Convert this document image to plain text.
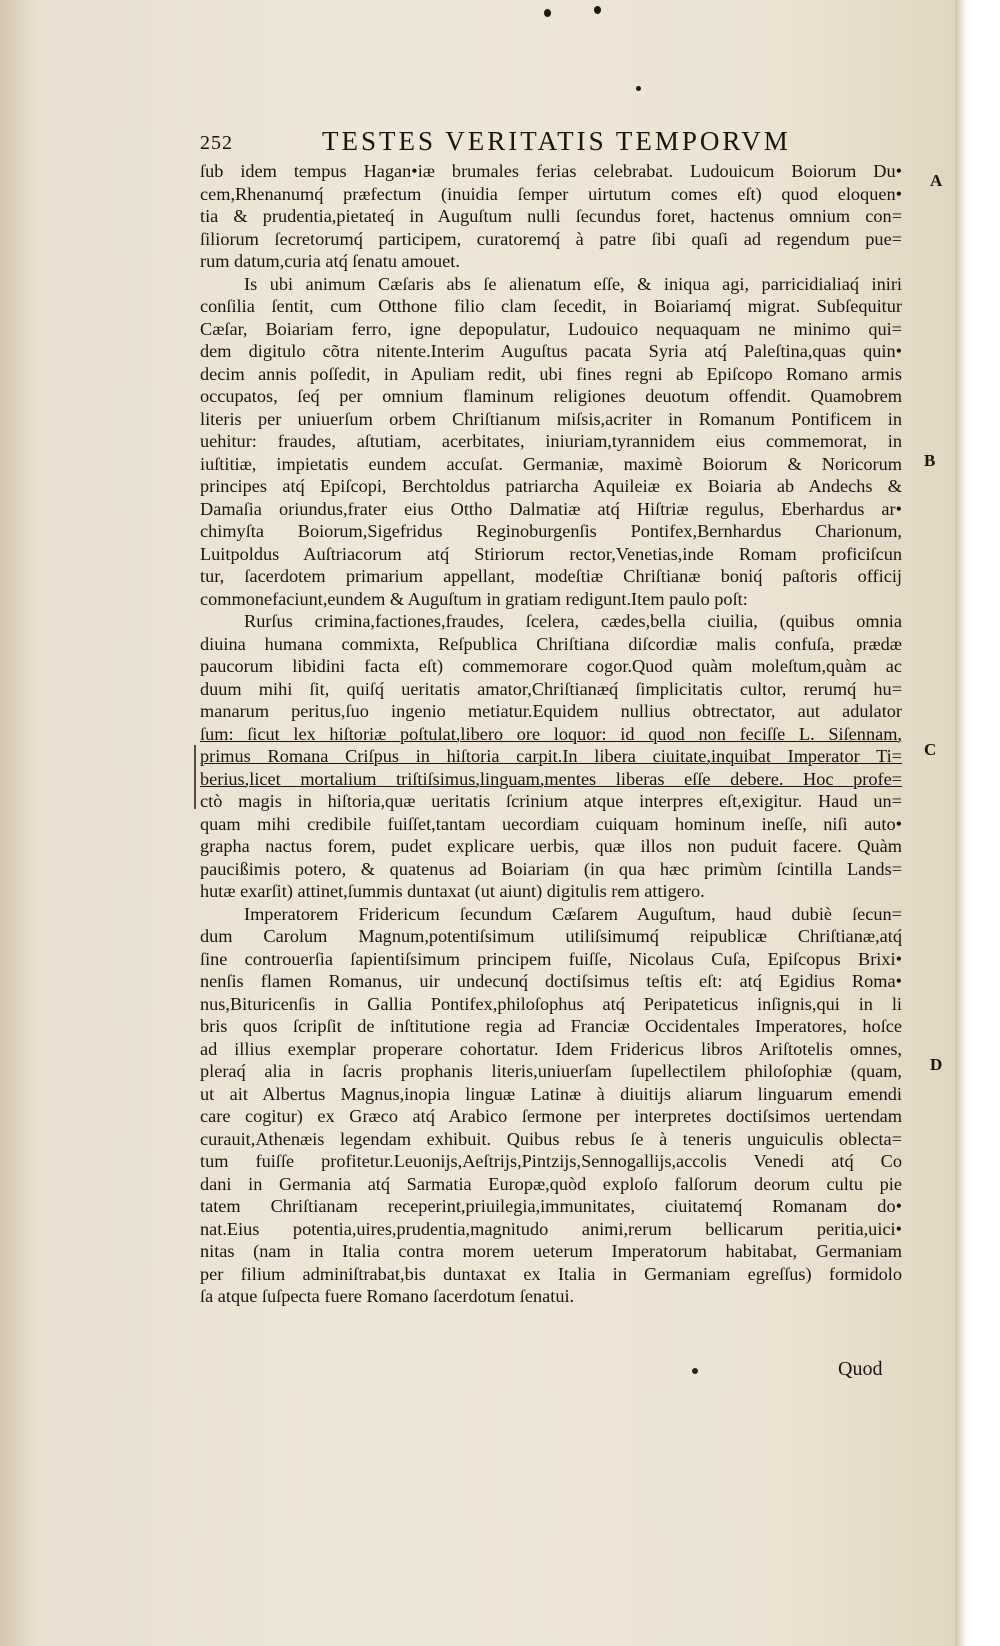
252	TESTES VERITATIS TEMPORVM
A
B
C
D
ſub idem tempus Hagan•iæ brumales ferias celebrabat. Ludouicum Boiorum Du•
cem,Rhenanumq́ præfectum (inuidia ſemper uirtutum comes eſt) quod eloquen•
tia & prudentia,pietateq́ in Auguſtum nulli ſecundus foret, hactenus omnium con=
ſiliorum ſecretorumq́ participem, curatoremq́ à patre ſibi quaſi ad regendum pue=
rum datum,curia atq́ ſenatu amouet.
Is ubi animum Cæſaris abs ſe alienatum eſſe, & iniqua agi, parricidialiaq́ iniri
conſilia ſentit, cum Otthone filio clam ſecedit, in Boiariamq́ migrat. Subſequitur
Cæſar, Boiariam ferro, igne depopulatur, Ludouico nequaquam ne minimo qui=
dem digitulo cõtra nitente.Interim Auguſtus pacata Syria atq́ Paleſtina,quas quin•
decim annis poſſedit, in Apuliam redit, ubi fines regni ab Epiſcopo Romano armis
occupatos, ſeq́ per omnium flaminum religiones deuotum offendit. Quamobrem
literis per uniuerſum orbem Chriſtianum miſsis,acriter in Romanum Pontificem in
uehitur: fraudes, aſtutiam, acerbitates, iniuriam,tyrannidem eius commemorat, in
iuſtitiæ, impietatis eundem accuſat. Germaniæ, maximè Boiorum & Noricorum
principes atq́ Epiſcopi, Berchtoldus patriarcha Aquileiæ ex Boiaria ab Andechs &
Damaſia oriundus,frater eius Ottho Dalmatiæ atq́ Hiſtriæ regulus, Eberhardus ar•
chimyſta Boiorum,Sigefridus Reginoburgenſis Pontifex,Bernhardus Charionum,
Luitpoldus Auſtriacorum atq́ Stiriorum rector,Venetias,inde Romam proficiſcun
tur, ſacerdotem primarium appellant, modeſtiæ Chriſtianæ boniq́ paſtoris officij
commonefaciunt,eundem & Auguſtum in gratiam redigunt.Item paulo poſt:
Rurſus crimina,factiones,fraudes, ſcelera, cædes,bella ciuilia, (quibus omnia
diuina humana commixta, Reſpublica Chriſtiana diſcordiæ malis confuſa, prædæ
paucorum libidini facta eſt) commemorare cogor.Quod quàm moleſtum,quàm ac
duum mihi ſit, quiſq́ ueritatis amator,Chriſtianæq́ ſimplicitatis cultor, rerumq́ hu=
manarum peritus,ſuo ingenio metiatur.Equidem nullius obtrectator, aut adulator
ſum: ſicut lex hiſtoriæ poſtulat,libero ore loquor: id quod non feciſſe L. Siſennam,
primus Romana Criſpus in hiſtoria carpit.In libera ciuitate,inquibat Imperator Ti=
berius,licet mortalium triſtiſsimus,linguam,mentes liberas eſſe debere. Hoc profe=
ctò magis in hiſtoria,quæ ueritatis ſcrinium atque interpres eſt,exigitur. Haud un=
quam mihi credibile fuiſſet,tantam uecordiam cuiquam hominum ineſſe, niſi auto•
grapha nactus forem, pudet explicare uerbis, quæ illos non puduit facere. Quàm
paucißimis potero, & quatenus ad Boiariam (in qua hæc primùm ſcintilla Lands=
hutæ exarſit) attinet,ſummis duntaxat (ut aiunt) digitulis rem attigero.
Imperatorem Fridericum ſecundum Cæſarem Auguſtum, haud dubiè ſecun=
dum Carolum Magnum,potentiſsimum utiliſsimumq́ reipublicæ Chriſtianæ,atq́
ſine controuerſia ſapientiſsimum principem fuiſſe, Nicolaus Cuſa, Epiſcopus Brixi•
nenſis flamen Romanus, uir undecunq́ doctiſsimus teſtis eſt: atq́ Egidius Roma•
nus,Bituricenſis in Gallia Pontifex,philoſophus atq́ Peripateticus inſignis,qui in li
bris quos ſcripſit de inſtitutione regia ad Franciæ Occidentales Imperatores, hoſce
ad illius exemplar properare cohortatur. Idem Fridericus libros Ariſtotelis omnes,
pleraq́ alia in ſacris prophanis literis,uniuerſam ſupellectilem philoſophiæ (quam,
ut ait Albertus Magnus,inopia linguæ Latinæ à diuitijs aliarum linguarum emendi
care cogitur) ex Græco atq́ Arabico ſermone per interpretes doctiſsimos uertendam
curauit,Athenæis legendam exhibuit. Quibus rebus ſe à teneris unguiculis oblecta=
tum fuiſſe profitetur.Leuonijs,Aeſtrijs,Pintzijs,Sennogallijs,accolis Venedi atq́ Co
dani in Germania atq́ Sarmatia Europæ,quòd exploſo falſorum deorum cultu pie
tatem Chriſtianam receperint,priuilegia,immunitates, ciuitatemq́ Romanam do•
nat.Eius potentia,uires,prudentia,magnitudo animi,rerum bellicarum peritia,uici•
nitas (nam in Italia contra morem ueterum Imperatorum habitabat, Germaniam
per filium adminiſtrabat,bis duntaxat ex Italia in Germaniam egreſſus) formidolo
ſa atque ſuſpecta fuere Romano ſacerdotum ſenatui.
Quod
